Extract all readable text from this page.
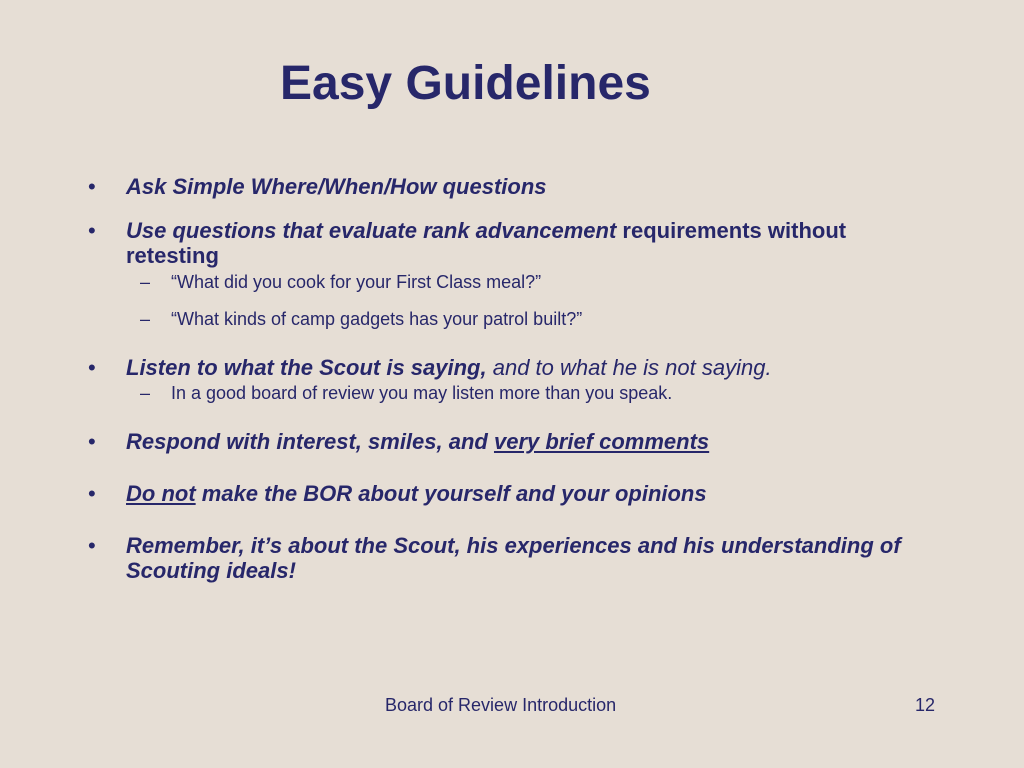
Easy Guidelines
•	Ask Simple Where/When/How questions
•	Use questions that evaluate rank advancement requirements without retesting
– “What did you cook for your First Class meal?”
– “What kinds of camp gadgets has your patrol built?”
•	Listen to what the Scout is saying, and to what he is not saying.
– In a good board of review you may listen more than you speak.
•	Respond with interest, smiles, and very brief comments
•	Do not make the BOR about yourself and your opinions
•	Remember, it’s about the Scout, his experiences and his understanding of Scouting ideals!
Board of Review Introduction	12
